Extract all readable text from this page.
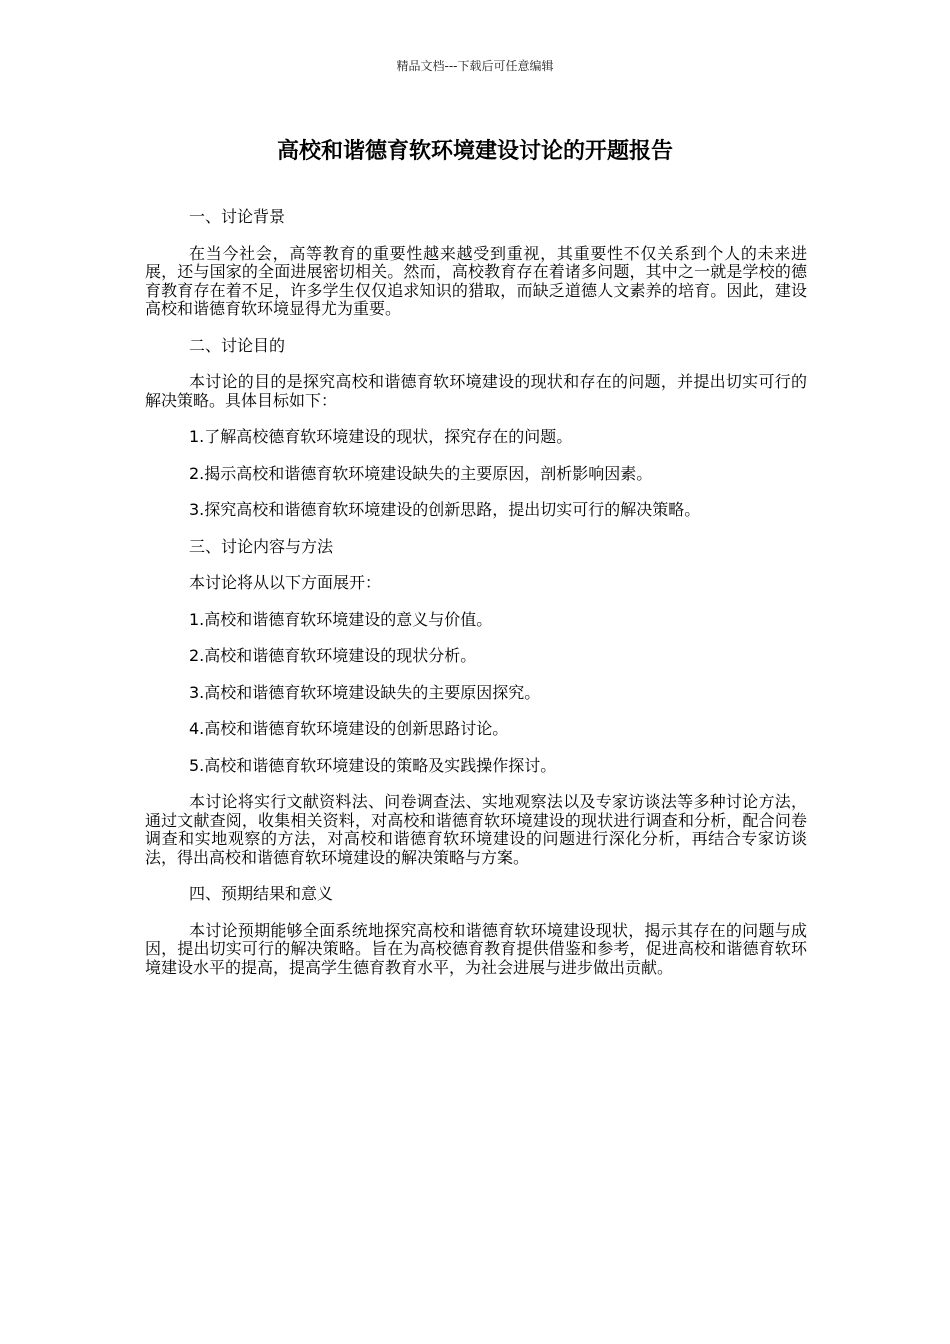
精品文档---下载后可任意编辑
高校和谐德育软环境建设讨论的开题报告

一、讨论背景

在当今社会，高等教育的重要性越来越受到重视，其重要性不仅关系到个人的未来进展，还与国家的全面进展密切相关。然而，高校教育存在着诸多问题，其中之一就是学校的德育教育存在着不足，许多学生仅仅追求知识的猎取，而缺乏道德人文素养的培育。因此，建设高校和谐德育软环境显得尤为重要。

二、讨论目的

本讨论的目的是探究高校和谐德育软环境建设的现状和存在的问题，并提出切实可行的解决策略。具体目标如下：

1.了解高校德育软环境建设的现状，探究存在的问题。

2.揭示高校和谐德育软环境建设缺失的主要原因，剖析影响因素。

3.探究高校和谐德育软环境建设的创新思路，提出切实可行的解决策略。

三、讨论内容与方法

本讨论将从以下方面展开：

1.高校和谐德育软环境建设的意义与价值。

2.高校和谐德育软环境建设的现状分析。

3.高校和谐德育软环境建设缺失的主要原因探究。

4.高校和谐德育软环境建设的创新思路讨论。

5.高校和谐德育软环境建设的策略及实践操作探讨。

本讨论将实行文献资料法、问卷调查法、实地观察法以及专家访谈法等多种讨论方法，通过文献查阅，收集相关资料，对高校和谐德育软环境建设的现状进行调查和分析，配合问卷调查和实地观察的方法，对高校和谐德育软环境建设的问题进行深化分析，再结合专家访谈法，得出高校和谐德育软环境建设的解决策略与方案。

四、预期结果和意义

本讨论预期能够全面系统地探究高校和谐德育软环境建设现状，揭示其存在的问题与成因，提出切实可行的解决策略。旨在为高校德育教育提供借鉴和参考，促进高校和谐德育软环境建设水平的提高，提高学生德育教育水平，为社会进展与进步做出贡献。
